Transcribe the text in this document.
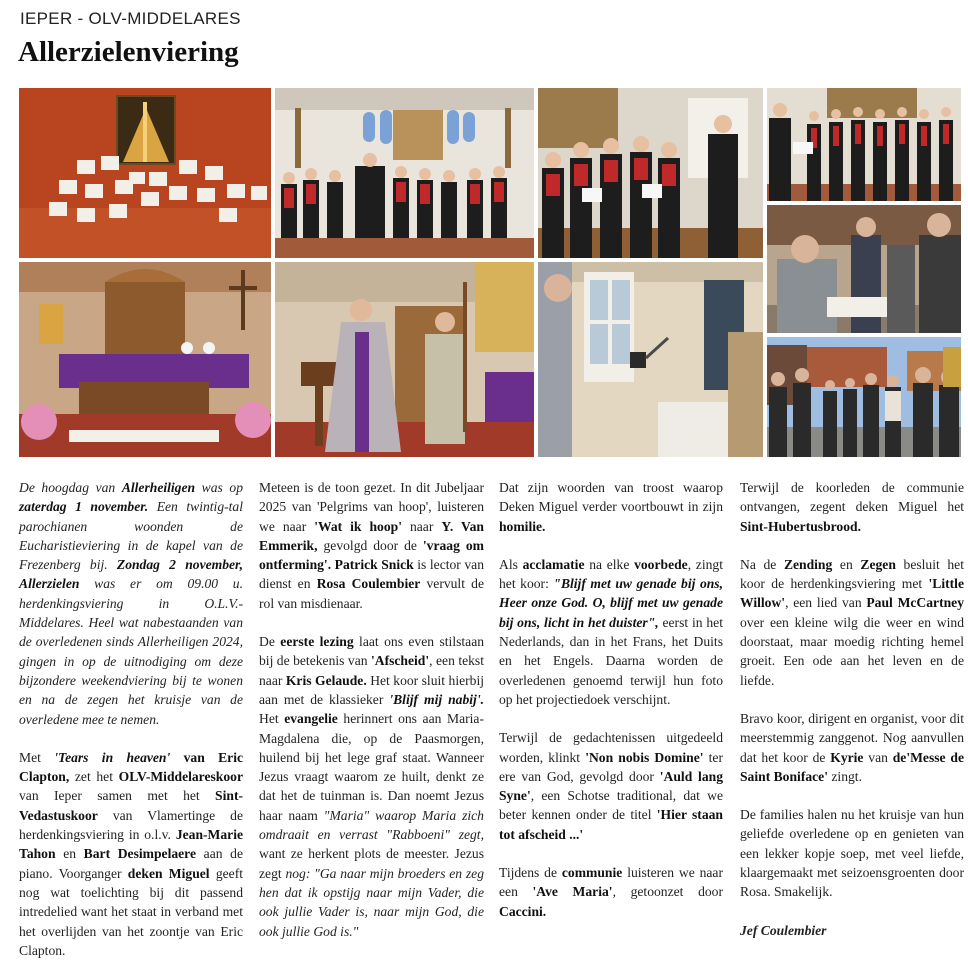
IEPER - OLV-MIDDELARES
Allerzielenviering

De hoogdag van Allerheiligen was op zaterdag 1 november. Een twintig-tal parochianen woonden de Eucharistieviering in de kapel van de Frezenberg bij. Zondag 2 november, Allerzielen was er om 09.00 u. herdenkingsviering in O.L.V.-Middelares. Heel wat nabestaanden van de overledenen sinds Allerheiligen 2024, gingen in op de uitnodiging om deze bijzondere weekendviering bij te wonen en na de zegen het kruisje van de overledene mee te nemen.

Met 'Tears in heaven' van Eric Clapton, zet het OLV-Middelareskoor van Ieper samen met het Sint-Vedastuskoor van Vlamertinge de herdenkingsviering in o.l.v. Jean-Marie Tahon en Bart Desimpelaere aan de piano. Voorganger deken Miguel geeft nog wat toelichting bij dit passend intredelied want het staat in verband met het overlijden van het zoontje van Eric Clapton.

Meteen is de toon gezet. In dit Jubeljaar 2025 van 'Pelgrims van hoop', luisteren we naar 'Wat ik hoop' naar Y. Van Emmerik, gevolgd door de 'vraag om ontferming'. Patrick Snick is lector van dienst en Rosa Coulembier vervult de rol van misdienaar.

De eerste lezing laat ons even stilstaan bij de betekenis van 'Afscheid', een tekst naar Kris Gelaude. Het koor sluit hierbij aan met de klassieker 'Blijf mij nabij'. Het evangelie herinnert ons aan Maria-Magdalena die, op de Paasmorgen, huilend bij het lege graf staat. Wanneer Jezus vraagt waarom ze huilt, denkt ze dat het de tuinman is. Dan noemt Jezus haar naam "Maria" waarop Maria zich omdraait en verrast "Rabboeni" zegt, want ze herkent plots de meester. Jezus zegt nog: "Ga naar mijn broeders en zeg hen dat ik opstijg naar mijn Vader, die ook jullie Vader is, naar mijn God, die ook jullie God is."

Dat zijn woorden van troost waarop Deken Miguel verder voortbouwt in zijn homilie.

Als acclamatie na elke voorbede, zingt het koor: "Blijf met uw genade bij ons, Heer onze God. O, blijf met uw genade bij ons, licht in het duister", eerst in het Nederlands, dan in het Frans, het Duits en het Engels. Daarna worden de overledenen genoemd terwijl hun foto op het projectiedoek verschijnt.

Terwijl de gedachtenissen uitgedeeld worden, klinkt 'Non nobis Domine' ter ere van God, gevolgd door 'Auld lang Syne', een Schotse traditional, dat we beter kennen onder de titel 'Hier staan tot afscheid ...'

Tijdens de communie luisteren we naar een 'Ave Maria', getoonzet door Caccini.

Terwijl de koorleden de communie ontvangen, zegent deken Miguel het Sint-Hubertusbrood.

Na de Zending en Zegen besluit het koor de herdenkingsviering met 'Little Willow', een lied van Paul McCartney over een kleine wilg die weer en wind doorstaat, maar moedig richting hemel groeit. Een ode aan het leven en de liefde.

Bravo koor, dirigent en organist, voor dit meerstemmig zanggenot. Nog aanvullen dat het koor de Kyrie van de'Messe de Saint Boniface' zingt.

De families halen nu het kruisje van hun geliefde overledene op en genieten van een lekker kopje soep, met veel liefde, klaargemaakt met seizoensgroenten door Rosa. Smakelijk.

Jef Coulembier
